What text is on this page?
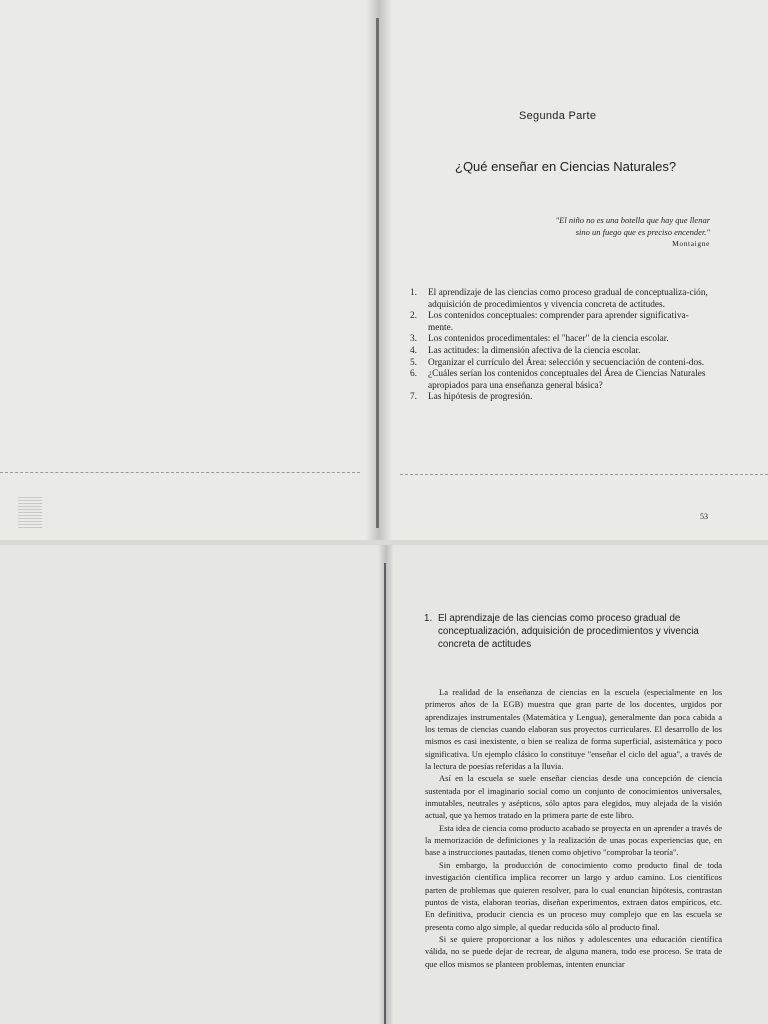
Segunda Parte
¿Qué enseñar en Ciencias Naturales?
"El niño no es una botella que hay que llenar
sino un fuego que es preciso encender."
Montaigne
1.	El aprendizaje de las ciencias como proceso gradual de conceptualiza-ción, adquisición de procedimientos y vivencia concreta de actitudes.
2.	Los contenidos conceptuales: comprender para aprender significativa-mente.
3.	Los contenidos procedimentales: el "hacer" de la ciencia escolar.
4.	Las actitudes: la dimensión afectiva de la ciencia escolar.
5.	Organizar el currículo del Área: selección y secuenciación de conteni-dos.
6.	¿Cuáles serían los contenidos conceptuales del Área de Ciencias Naturales apropiados para una enseñanza general básica?
7.	Las hipótesis de progresión.
53
1. El aprendizaje de las ciencias como proceso gradual de conceptualización, adquisición de procedimientos y vivencia concreta de actitudes

La realidad de la enseñanza de ciencias en la escuela (especialmente en los primeros años de la EGB) muestra que gran parte de los docentes, urgidos por aprendizajes instrumentales (Matemática y Lengua), generalmente dan poca cabida a los temas de ciencias cuando elaboran sus proyectos curriculares. El desarrollo de los mismos es casi inexistente, o bien se realiza de forma superficial, asistemática y poco significativa. Un ejemplo clásico lo constituye "enseñar el ciclo del agua", a través de la lectura de poesías referidas a la lluvia.

Así en la escuela se suele enseñar ciencias desde una concepción de ciencia sustentada por el imaginario social como un conjunto de conocimientos universales, inmutables, neutrales y asépticos, sólo aptos para elegidos, muy alejada de la visión actual, que ya hemos tratado en la primera parte de este libro.

Esta idea de ciencia como producto acabado se proyecta en un aprender a través de la memorización de definiciones y la realización de unas pocas experiencias que, en base a instrucciones pautadas, tienen como objetivo "comprobar la teoría".

Sin embargo, la producción de conocimiento como producto final de toda investigación científica implica recorrer un largo y arduo camino. Los científicos parten de problemas que quieren resolver, para lo cual enuncian hipótesis, contrastan puntos de vista, elaboran teorías, diseñan experimentos, extraen datos empíricos, etc. En definitiva, producir ciencia es un proceso muy complejo que en las escuela se presenta como algo simple, al quedar reducida sólo al producto final.

Si se quiere proporcionar a los niños y adolescentes una educación científica válida, no se puede dejar de recrear, de alguna manera, todo ese proceso. Se trata de que ellos mismos se planteen problemas, intenten enunciar
